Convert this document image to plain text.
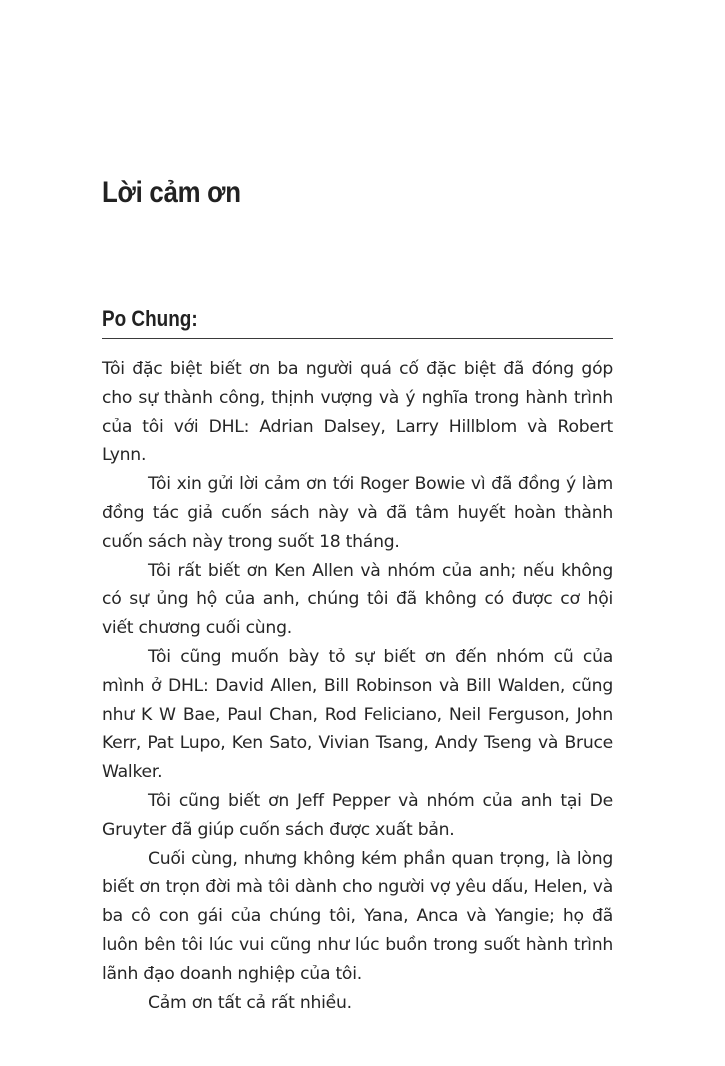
Lời cảm ơn
Po Chung:

Tôi đặc biệt biết ơn ba người quá cố đặc biệt đã đóng góp cho sự thành công, thịnh vượng và ý nghĩa trong hành trình của tôi với DHL: Adrian Dalsey, Larry Hillblom và Robert Lynn.

Tôi xin gửi lời cảm ơn tới Roger Bowie vì đã đồng ý làm đồng tác giả cuốn sách này và đã tâm huyết hoàn thành cuốn sách này trong suốt 18 tháng.

Tôi rất biết ơn Ken Allen và nhóm của anh; nếu không có sự ủng hộ của anh, chúng tôi đã không có được cơ hội viết chương cuối cùng.

Tôi cũng muốn bày tỏ sự biết ơn đến nhóm cũ của mình ở DHL: David Allen, Bill Robinson và Bill Walden, cũng như K W Bae, Paul Chan, Rod Feliciano, Neil Ferguson, John Kerr, Pat Lupo, Ken Sato, Vivian Tsang, Andy Tseng và Bruce Walker.

Tôi cũng biết ơn Jeff Pepper và nhóm của anh tại De Gruyter đã giúp cuốn sách được xuất bản.

Cuối cùng, nhưng không kém phần quan trọng, là lòng biết ơn trọn đời mà tôi dành cho người vợ yêu dấu, Helen, và ba cô con gái của chúng tôi, Yana, Anca và Yangie; họ đã luôn bên tôi lúc vui cũng như lúc buồn trong suốt hành trình lãnh đạo doanh nghiệp của tôi.

Cảm ơn tất cả rất nhiều.
